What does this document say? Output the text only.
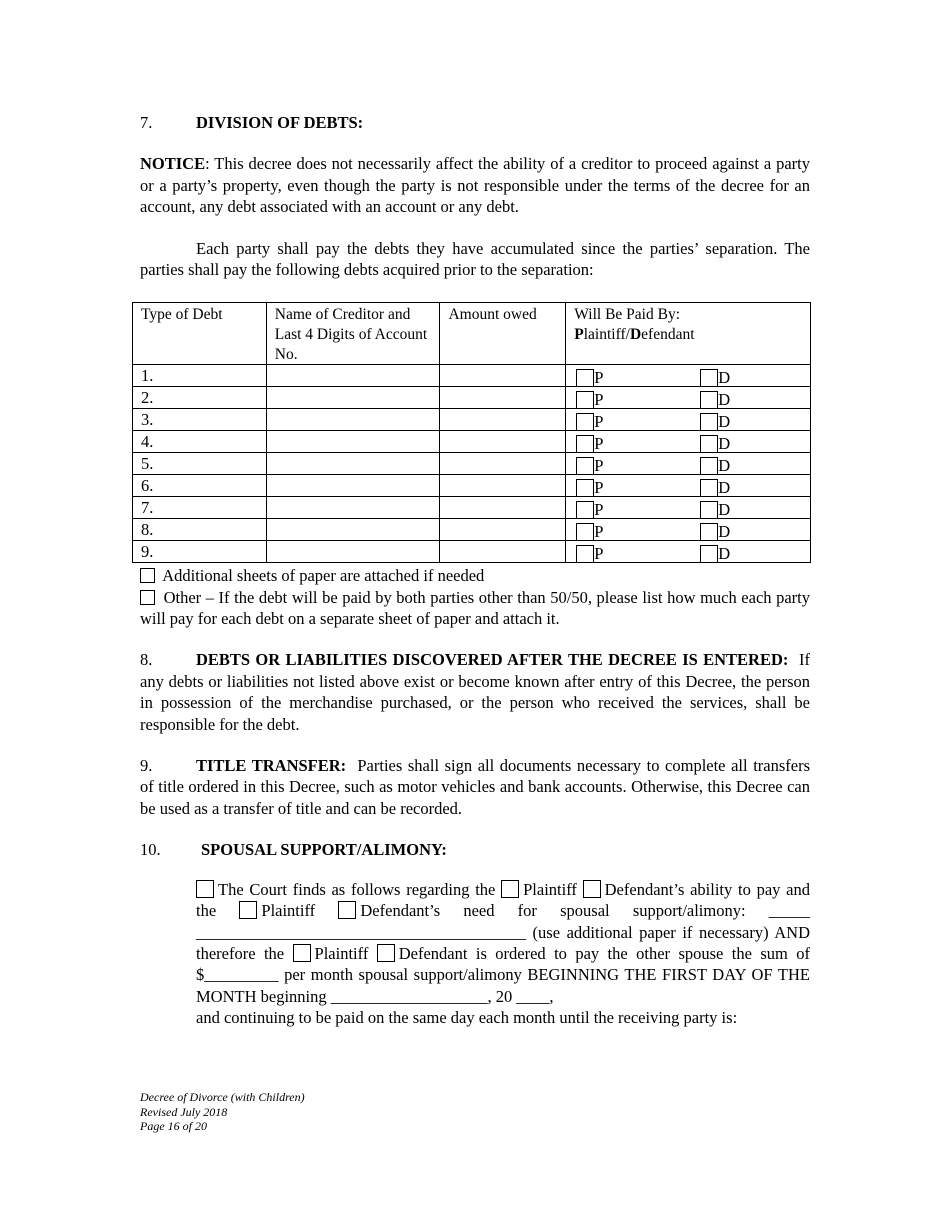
7.	DIVISION OF DEBTS:

NOTICE: This decree does not necessarily affect the ability of a creditor to proceed against a party or a party’s property, even though the party is not responsible under the terms of the decree for an account, any debt associated with an account or any debt.

Each party shall pay the debts they have accumulated since the parties’ separation. The parties shall pay the following debts acquired prior to the separation:

Type of Debt	Name of Creditor and Last 4 Digits of Account No.	Amount owed	Will Be Paid By:
Plaintiff/Defendant

1.			P D

2.			P D

3.			P D

4.			P D

5.			P D

6.			P D

7.			P D

8.			P D

9.			P D
Additional sheets of paper are attached if needed

Other – If the debt will be paid by both parties other than 50/50, please list how much each party will pay for each debt on a separate sheet of paper and attach it.

8.	DEBTS OR LIABILITIES DISCOVERED AFTER THE DECREE IS ENTERED: If any debts or liabilities not listed above exist or become known after entry of this Decree, the person in possession of the merchandise purchased, or the person who received the services, shall be responsible for the debt.

9.	TITLE TRANSFER: Parties shall sign all documents necessary to complete all transfers of title ordered in this Decree, such as motor vehicles and bank accounts. Otherwise, this Decree can be used as a transfer of title and can be recorded.

10.	SPOUSAL SUPPORT/ALIMONY:

The Court finds as follows regarding the Plaintiff Defendant’s ability to pay and the	Plaintiff	Defendant’s need for spousal support/alimony: _____ ________________________________________ (use additional paper if necessary) AND therefore the Plaintiff Defendant is ordered to pay the other spouse the sum of $_________ per month spousal support/alimony BEGINNING THE FIRST DAY OF THE MONTH beginning ___________________, 20 ____,

and continuing to be paid on the same day each month until the receiving party is:
Decree of Divorce (with Children)
Revised July 2018
Page 16 of 20
